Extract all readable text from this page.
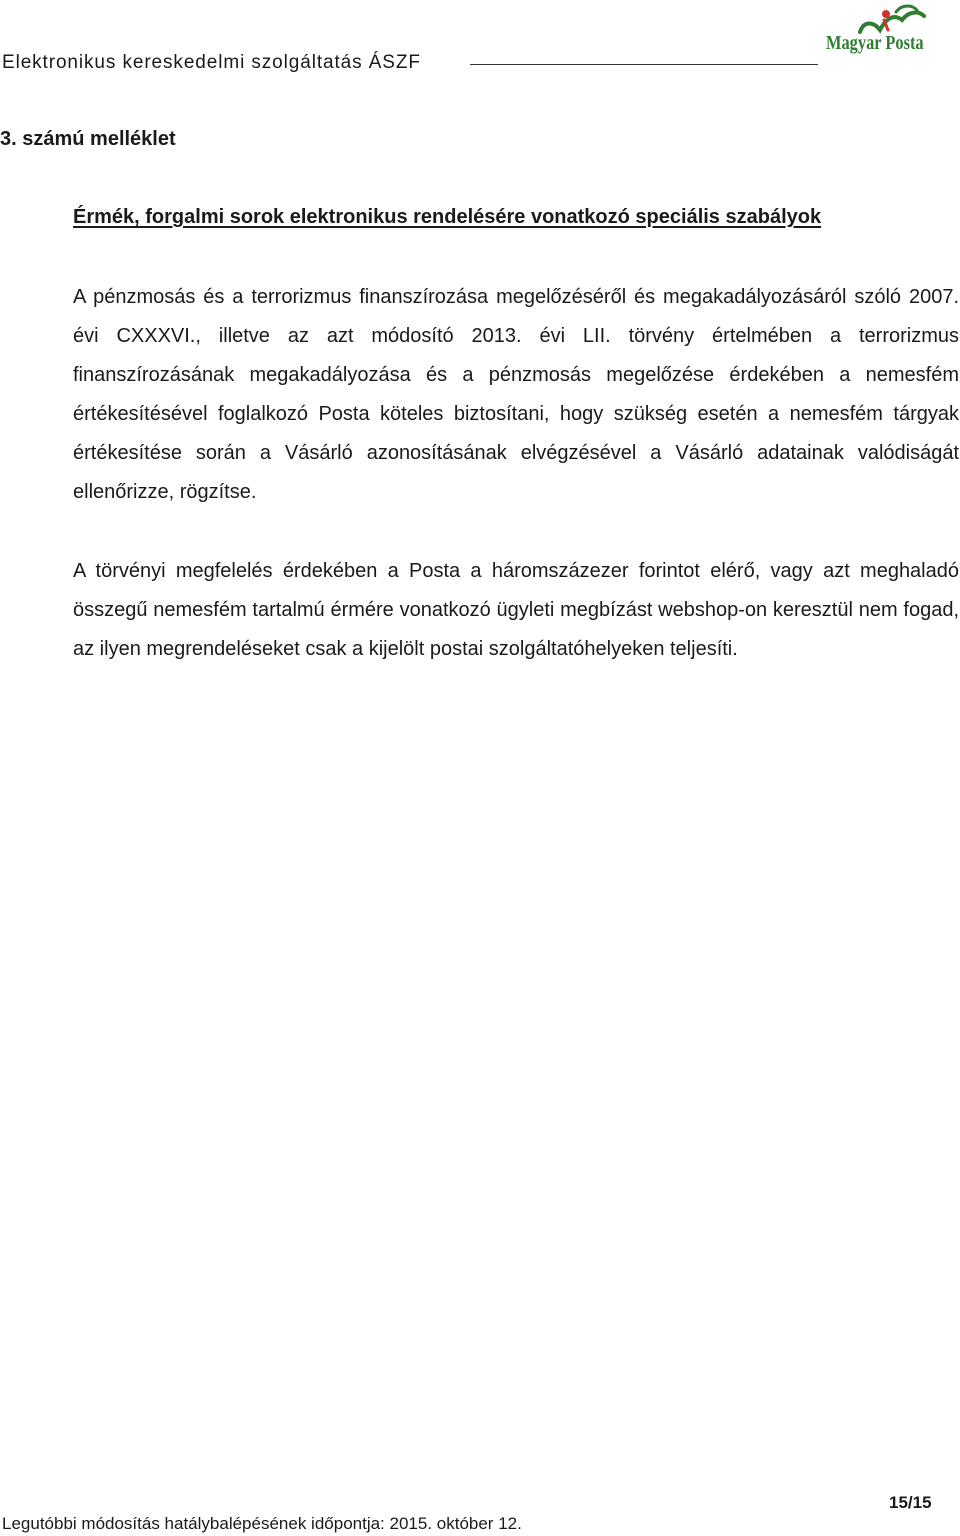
Elektronikus kereskedelmi szolgáltatás ÁSZF
Magyar Posta
3. számú melléklet
Érmék, forgalmi sorok elektronikus rendelésére vonatkozó speciális szabályok

A pénzmosás és a terrorizmus finanszírozása megelőzéséről és megakadályozásáról szóló 2007. évi CXXXVI., illetve az azt módosító 2013. évi LII. törvény értelmében a terrorizmus finanszírozásának megakadályozása és a pénzmosás megelőzése érdekében a nemesfém értékesítésével foglalkozó Posta köteles biztosítani, hogy szükség esetén a nemesfém tárgyak értékesítése során a Vásárló azonosításának elvégzésével a Vásárló adatainak valódiságát ellenőrizze, rögzítse.

A törvényi megfelelés érdekében a Posta a háromszázezer forintot elérő, vagy azt meghaladó összegű nemesfém tartalmú érmére vonatkozó ügyleti megbízást webshop-on keresztül nem fogad, az ilyen megrendeléseket csak a kijelölt postai szolgáltatóhelyeken teljesíti.

15/15
Legutóbbi módosítás hatálybalépésének időpontja: 2015. október 12.
